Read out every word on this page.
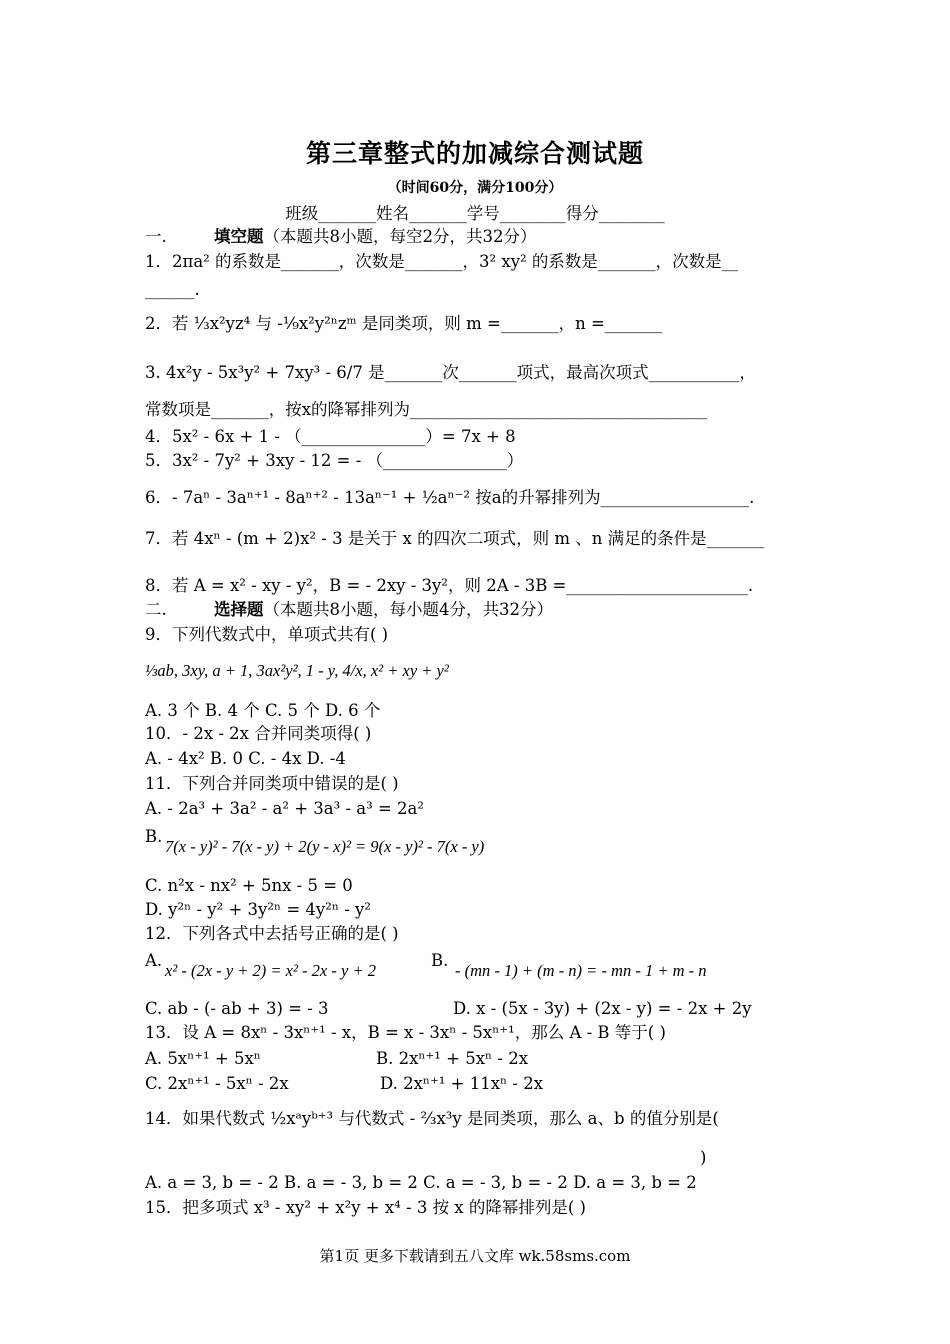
第三章整式的加减综合测试题
（时间60分，满分100分）
班级_______姓名_______学号________得分________
一.	填空题（本题共8小题，每空2分，共32分）
1．2πa² 的系数是_______，次数是_______，3² xy² 的系数是_______，次数是__
______.
2．若 ⅓x²yz⁴ 与 -¹⁄₉x²y²ⁿzᵐ 是同类项，则 m =_______，n =_______
3. 4x²y - 5x³y² + 7xy³ - 6/7 是_______次_______项式，最高次项式___________，
常数项是_______，按x的降幂排列为____________________________________
4．5x² - 6x + 1 - （_______________）= 7x + 8
5．3x² - 7y² + 3xy - 12 = - （_______________）
6．- 7aⁿ - 3aⁿ⁺¹ - 8aⁿ⁺² - 13aⁿ⁻¹ + ½aⁿ⁻² 按a的升幂排列为__________________.
7．若 4xⁿ - (m + 2)x² - 3 是关于 x 的四次二项式，则 m 、n 满足的条件是_______
8．若 A = x² - xy - y²，B = - 2xy - 3y²，则 2A - 3B =______________________.
二.	选择题（本题共8小题，每小题4分，共32分）
9．下列代数式中，单项式共有( )
⅓ab, 3xy, a + 1, 3ax²y², 1 - y, 4/x, x² + xy + y²
A. 3 个 B. 4 个 C. 5 个 D. 6 个
10．- 2x - 2x 合并同类项得( )
A. - 4x² B. 0 C. - 4x D. -4
11．下列合并同类项中错误的是( )
A. - 2a³ + 3a² - a² + 3a³ - a³ = 2a²
B.
7(x - y)² - 7(x - y) + 2(y - x)² = 9(x - y)² - 7(x - y)
C. n²x - nx² + 5nx - 5 = 0
D. y²ⁿ - y² + 3y²ⁿ = 4y²ⁿ - y²
12．下列各式中去括号正确的是( )
A.
x² - (2x - y + 2) = x² - 2x - y + 2
B.
- (mn - 1) + (m - n) = - mn - 1 + m - n
C. ab - (- ab + 3) = - 3	D. x - (5x - 3y) + (2x - y) = - 2x + 2y
13．设 A = 8xⁿ - 3xⁿ⁺¹ - x，B = x - 3xⁿ - 5xⁿ⁺¹，那么 A - B 等于( )
A. 5xⁿ⁺¹ + 5xⁿ	B. 2xⁿ⁺¹ + 5xⁿ - 2x
C. 2xⁿ⁺¹ - 5xⁿ - 2x	D. 2xⁿ⁺¹ + 11xⁿ - 2x
14．如果代数式 ½xᵃyᵇ⁺³ 与代数式 - ⅔x³y 是同类项，那么 a、b 的值分别是(
)
A. a = 3, b = - 2 B. a = - 3, b = 2 C. a = - 3, b = - 2 D. a = 3, b = 2
15．把多项式 x³ - xy² + x²y + x⁴ - 3 按 x 的降幂排列是( )
第1页 更多下载请到五八文库 wk.58sms.com
